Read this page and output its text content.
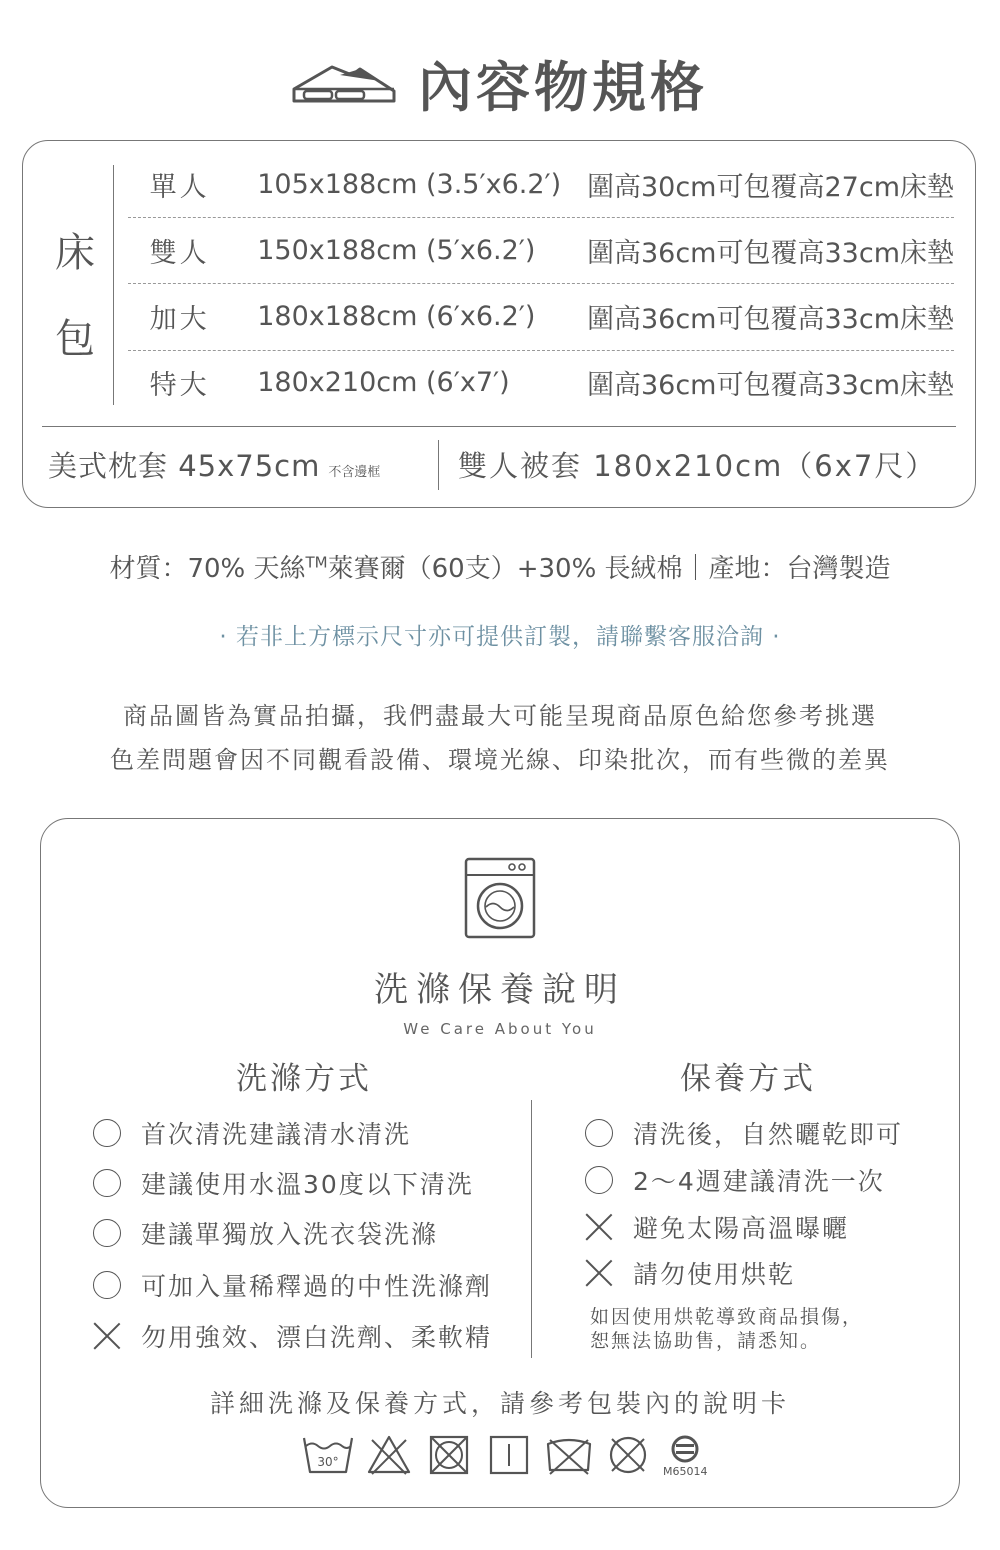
內容物規格
床
包
單人 105x188cm (3.5′x6.2′) 圍高30cm可包覆高27cm床墊
雙人 150x188cm (5′x6.2′)	圍高36cm可包覆高33cm床墊
加大 180x188cm (6′x6.2′)	圍高36cm可包覆高33cm床墊
特大 180x210cm (6′x7′)	圍高36cm可包覆高33cm床墊
美式枕套 45x75cm 不含邊框	雙人被套 180x210cm（6x7尺）
材質：70% 天絲™萊賽爾（60支）+30% 長絨棉｜產地：台灣製造
· 若非上方標示尺寸亦可提供訂製，請聯繫客服洽詢 ·
商品圖皆為實品拍攝，我們盡最大可能呈現商品原色給您參考挑選
色差問題會因不同觀看設備、環境光線、印染批次，而有些微的差異
洗滌保養說明
We Care About You
洗滌方式	保養方式
首次清洗建議清水清洗
建議使用水溫30度以下清洗
建議單獨放入洗衣袋洗滌
可加入量稀釋過的中性洗滌劑
勿用強效、漂白洗劑、柔軟精
清洗後，自然曬乾即可
2～4週建議清洗一次
避免太陽高溫曝曬
請勿使用烘乾
如因使用烘乾導致商品損傷，
恕無法協助售，請悉知。
詳細洗滌及保養方式，請參考包裝內的說明卡
30°
M65014
